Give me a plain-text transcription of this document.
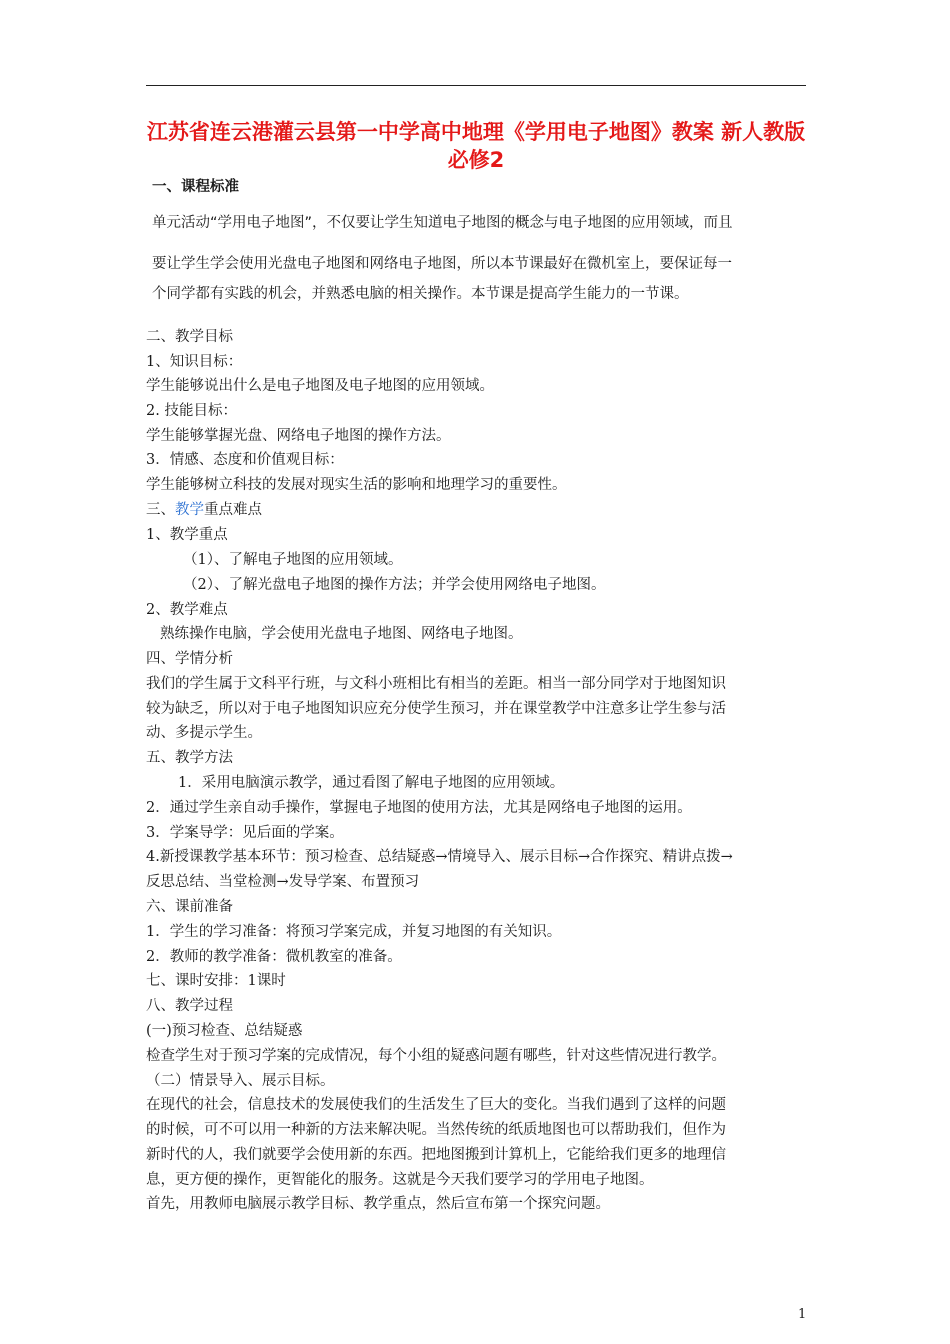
江苏省连云港灌云县第一中学高中地理《学用电子地图》教案 新人教版必修2
一、课程标准
单元活动“学用电子地图”，不仅要让学生知道电子地图的概念与电子地图的应用领域，而且
要让学生学会使用光盘电子地图和网络电子地图，所以本节课最好在微机室上，要保证每一
个同学都有实践的机会，并熟悉电脑的相关操作。本节课是提高学生能力的一节课。
二、教学目标
1、知识目标：
学生能够说出什么是电子地图及电子地图的应用领域。
2. 技能目标：
学生能够掌握光盘、网络电子地图的操作方法。
3．情感、态度和价值观目标：
学生能够树立科技的发展对现实生活的影响和地理学习的重要性。
三、教学重点难点
1、教学重点
（1）、了解电子地图的应用领域。
（2）、了解光盘电子地图的操作方法；并学会使用网络电子地图。
2、教学难点
熟练操作电脑，学会使用光盘电子地图、网络电子地图。
四、学情分析
我们的学生属于文科平行班，与文科小班相比有相当的差距。相当一部分同学对于地图知识
较为缺乏，所以对于电子地图知识应充分使学生预习，并在课堂教学中注意多让学生参与活
动、多提示学生。
五、教学方法
1．采用电脑演示教学，通过看图了解电子地图的应用领域。
2．通过学生亲自动手操作，掌握电子地图的使用方法，尤其是网络电子地图的运用。
3．学案导学：见后面的学案。
4.新授课教学基本环节：预习检查、总结疑惑→情境导入、展示目标→合作探究、精讲点拨→
反思总结、当堂检测→发导学案、布置预习
六、课前准备
1．学生的学习准备：将预习学案完成，并复习地图的有关知识。
2．教师的教学准备：微机教室的准备。
七、课时安排：1课时
八、教学过程
(一)预习检查、总结疑惑
检查学生对于预习学案的完成情况，每个小组的疑惑问题有哪些，针对这些情况进行教学。
（二）情景导入、展示目标。
在现代的社会，信息技术的发展使我们的生活发生了巨大的变化。当我们遇到了这样的问题
的时候，可不可以用一种新的方法来解决呢。当然传统的纸质地图也可以帮助我们，但作为
新时代的人，我们就要学会使用新的东西。把地图搬到计算机上，它能给我们更多的地理信
息，更方便的操作，更智能化的服务。这就是今天我们要学习的学用电子地图。
首先，用教师电脑展示教学目标、教学重点，然后宣布第一个探究问题。
1
